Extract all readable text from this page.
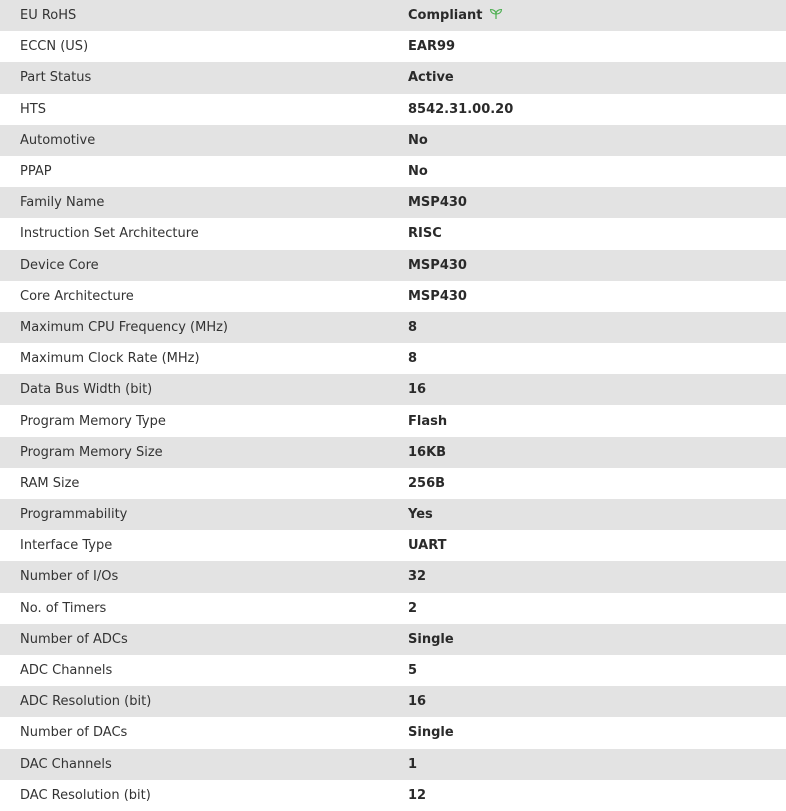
EU RoHS	Compliant

ECCN (US)	EAR99
Part Status	Active
HTS	8542.31.00.20
Automotive	No
PPAP	No
Family Name	MSP430
Instruction Set Architecture	RISC
Device Core	MSP430
Core Architecture	MSP430
Maximum CPU Frequency (MHz)	8
Maximum Clock Rate (MHz)	8
Data Bus Width (bit)	16
Program Memory Type	Flash
Program Memory Size	16KB
RAM Size	256B
Programmability	Yes
Interface Type	UART
Number of I/Os	32
No. of Timers	2
Number of ADCs	Single
ADC Channels	5
ADC Resolution (bit)	16
Number of DACs	Single
DAC Channels	1
DAC Resolution (bit)	12
